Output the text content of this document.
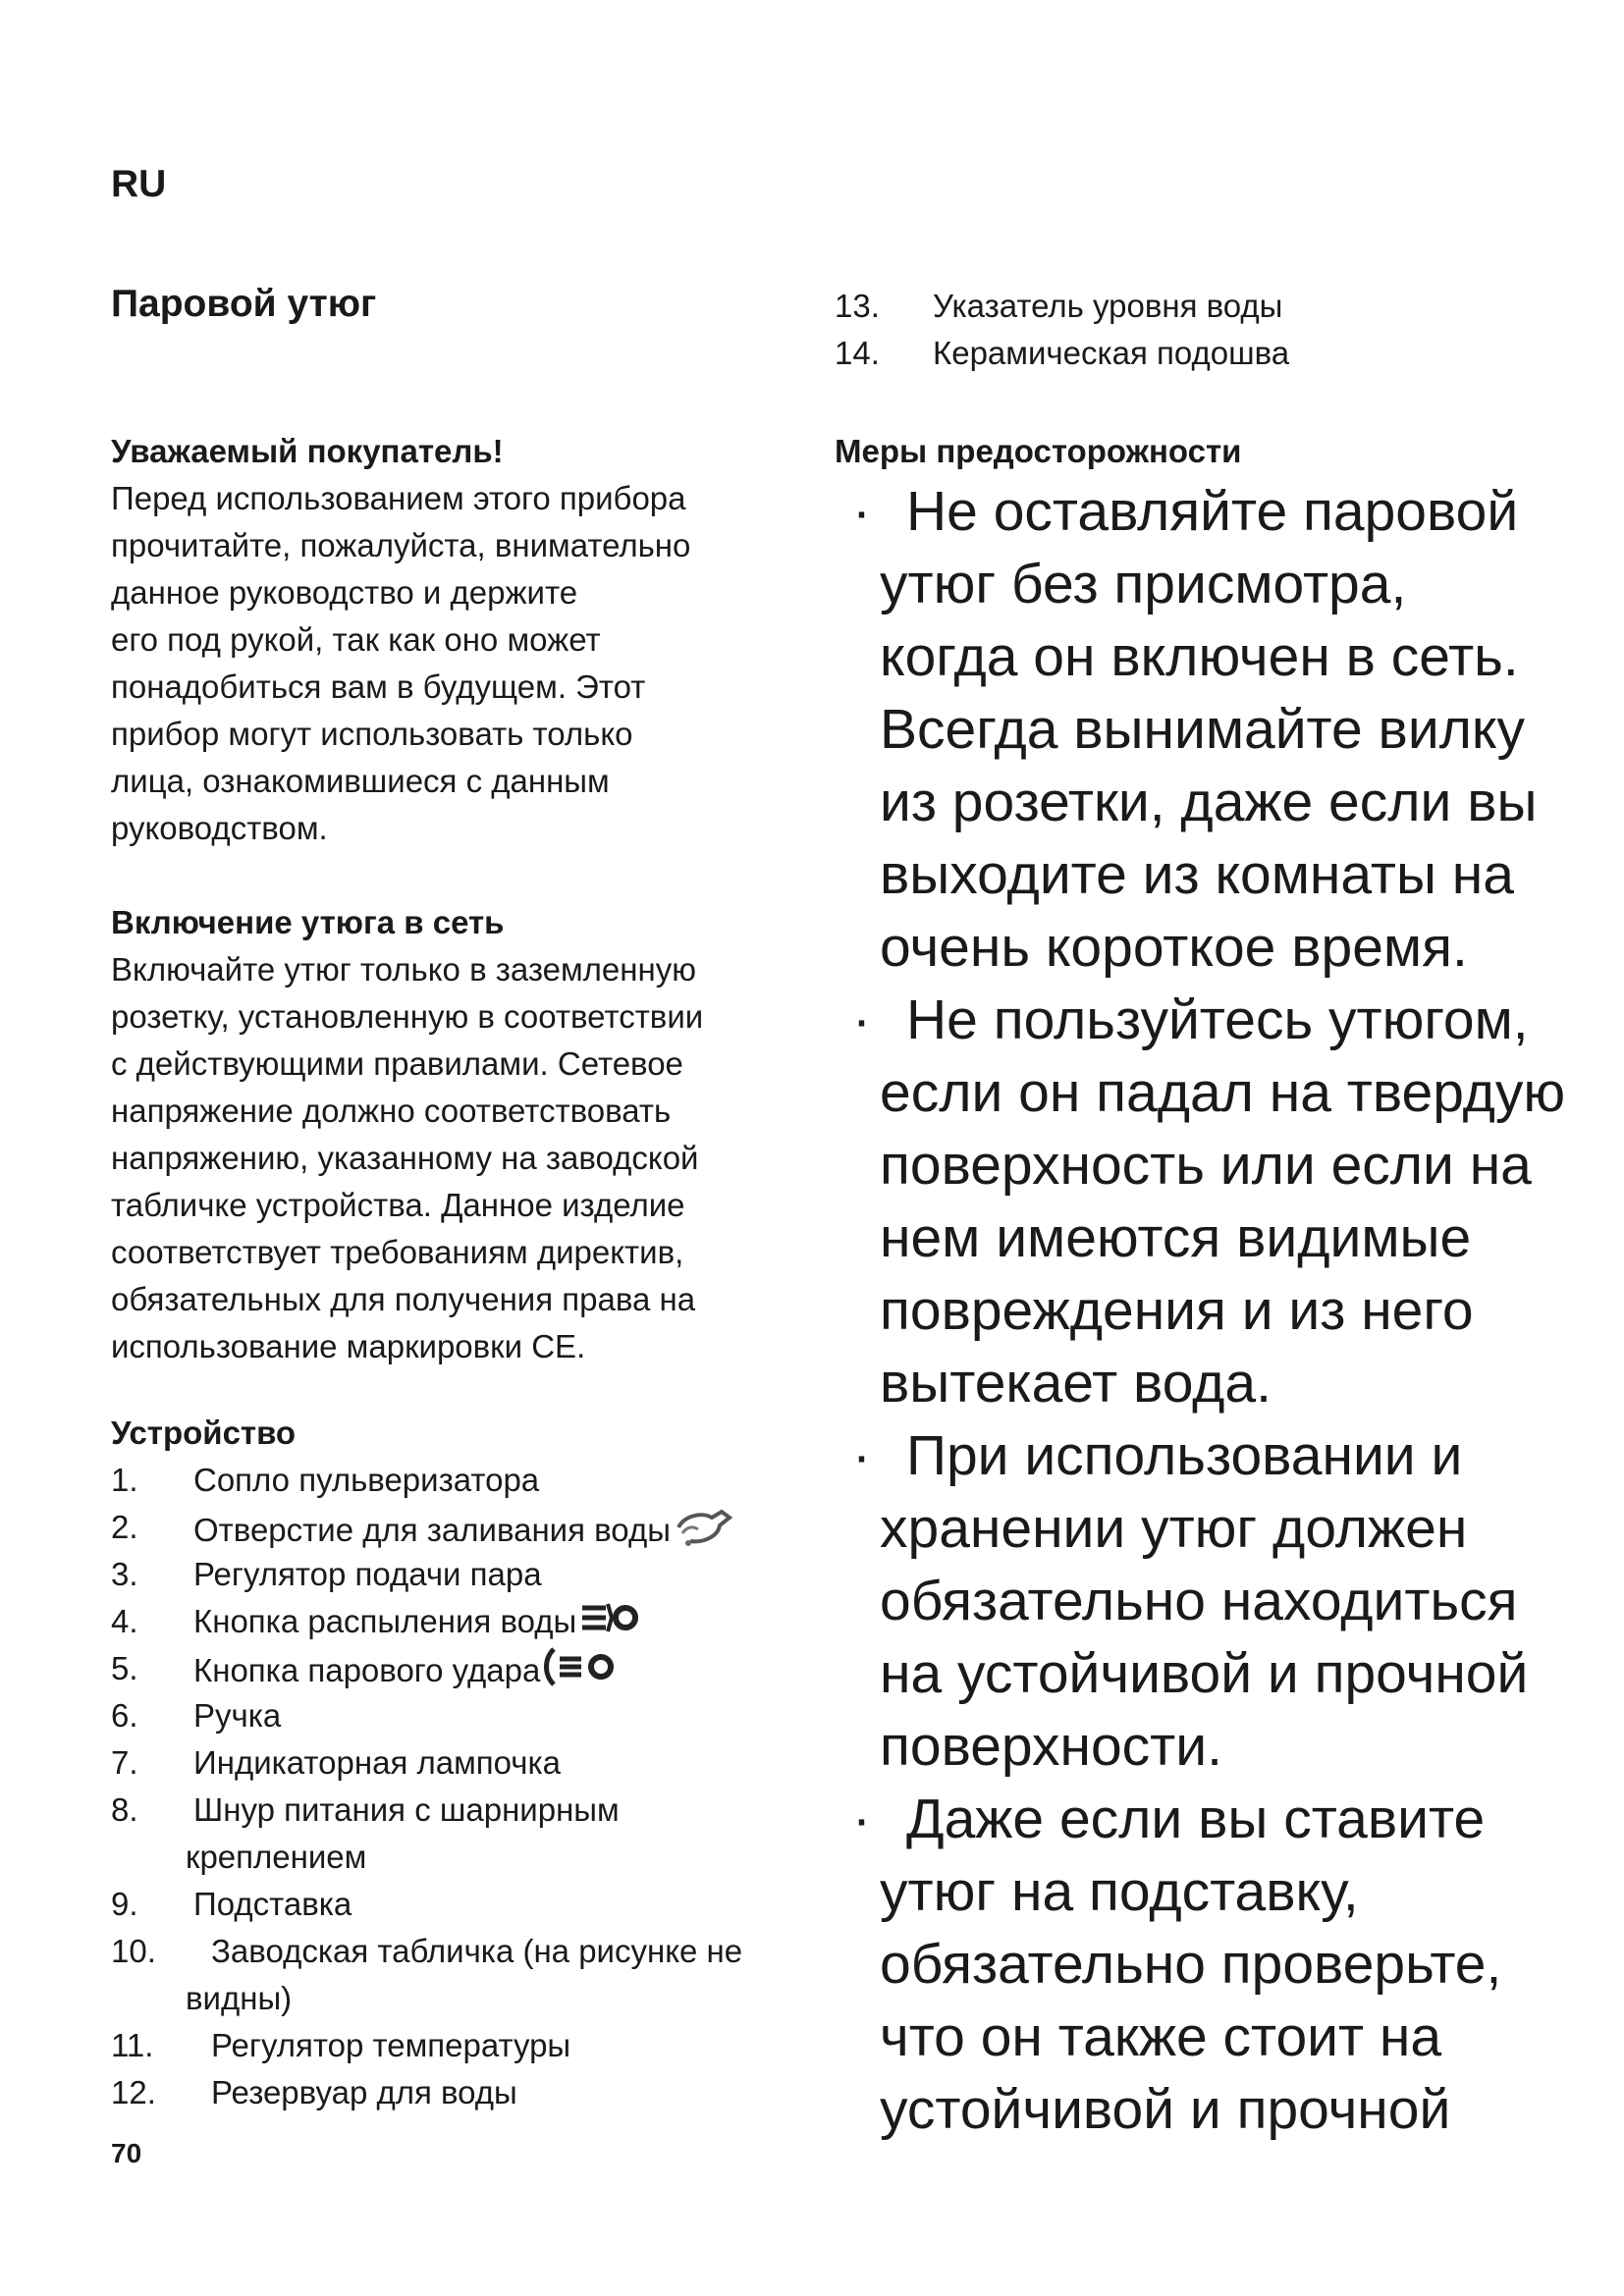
RU
Паровой утюг
Уважаемый покупатель!
Перед использованием этого прибора
прочитайте, пожалуйста, внимательно
данное руководство и держите
его под рукой, так как оно может
понадобиться вам в будущем. Этот
прибор могут использовать только
лица, ознакомившиеся с данным
руководством.
Включение утюга в сеть
Включайте утюг только в заземленную
розетку, установленную в соответствии
с действующими правилами. Сетевое
напряжение должно соответствовать
напряжению, указанному на заводской
табличке устройства. Данное изделие
соответствует требованиям директив,
обязательных для получения права на
использование маркировки CE.
Устройство
1. Сопло пульверизатора
2. Отверстие для заливания воды
3. Регулятор подачи пара
4. Кнопка распыления воды
5. Кнопка парового удара
6. Ручка
7. Индикаторная лампочка
8. Шнур питания с шарнирным
креплением
9. Подставка
10. Заводская табличка (на рисунке не
видны)
11. Регулятор температуры
12. Резервуар для воды
13. Указатель уровня воды
14. Керамическая подошва
Меры предосторожности
· Не оставляйте паровой
утюг без присмотра,
когда он включен в сеть.
Всегда вынимайте вилку
из розетки, даже если вы
выходите из комнаты на
очень короткое время.
· Не пользуйтесь утюгом,
если он падал на твердую
поверхность или если на
нем имеются видимые
повреждения и из него
вытекает вода.
· При использовании и
хранении утюг должен
обязательно находиться
на устойчивой и прочной
поверхности.
· Даже если вы ставите
утюг на подставку,
обязательно проверьте,
что он также стоит на
устойчивой и прочной
70
